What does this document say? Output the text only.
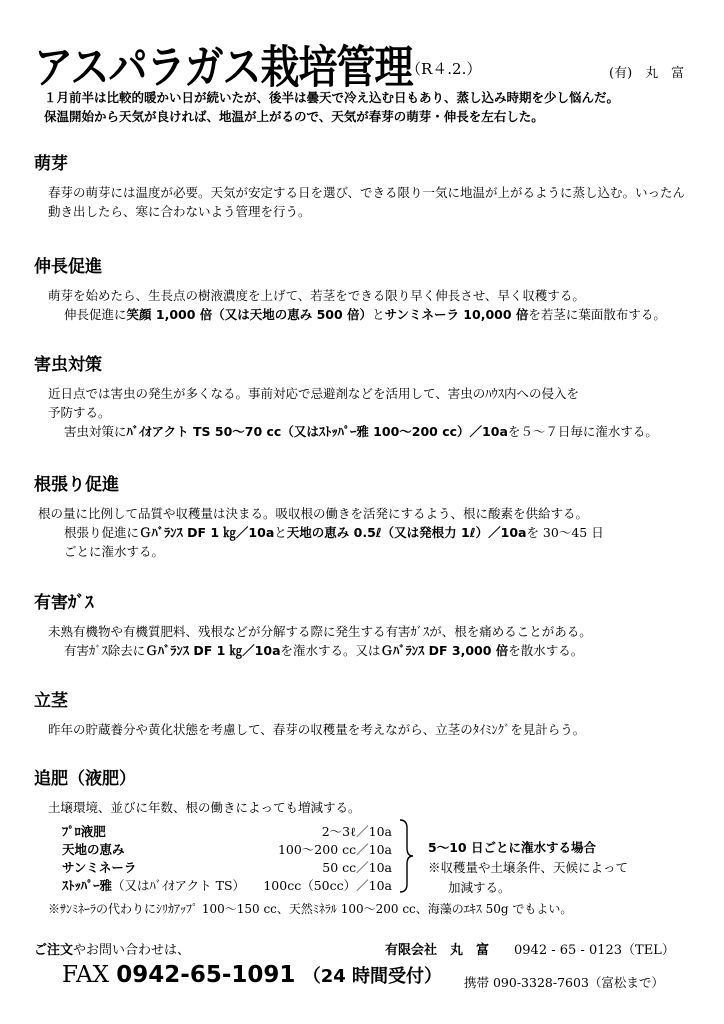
アスパラガス栽培管理
（R４.2.）	(有)　丸　富

１月前半は比較的暖かい日が続いたが、後半は曇天で冷え込む日もあり、蒸し込み時期を少し悩んだ。

保温開始から天気が良ければ、地温が上がるので、天気が春芽の萌芽・伸長を左右した。

萌芽

春芽の萌芽には温度が必要。天気が安定する日を選び、できる限り一気に地温が上がるように蒸し込む。いったん動き出したら、寒に合わないよう管理を行う。

伸長促進

萌芽を始めたら、生長点の樹液濃度を上げて、若茎をできる限り早く伸長させ、早く収穫する。

伸長促進に笑顔 1,000 倍（又は天地の恵み 500 倍）とサンミネーラ 10,000 倍を若茎に葉面散布する。

害虫対策

近日点では害虫の発生が多くなる。事前対応で忌避剤などを活用して、害虫のﾊｳｽ内への侵入を

予防する。

害虫対策にﾊﾞｲｵアクト TS 50～70 cc（又はｽﾄｯﾊﾟｰ雅 100～200 cc）／10aを５～７日毎に潅水する。

根張り促進

根の量に比例して品質や収穫量は決まる。吸収根の働きを活発にするよう、根に酸素を供給する。

根張り促進にＧﾊﾞﾗﾝｽ DF 1 ㎏／10aと天地の恵み 0.5ℓ（又は発根力 1ℓ）／10aを 30～45 日

ごとに潅水する。

有害ｶﾞｽ

未熟有機物や有機質肥料、残根などが分解する際に発生する有害ｶﾞｽが、根を痛めることがある。

有害ｶﾞｽ除去にＧﾊﾞﾗﾝｽ DF 1 ㎏／10aを潅水する。又はＧﾊﾞﾗﾝｽ DF 3,000 倍を散水する。

立茎

昨年の貯蔵養分や黄化状態を考慮して、春芽の収穫量を考えながら、立茎のﾀｲﾐﾝｸﾞを見計らう。

追肥（液肥）

土壌環境、並びに年数、根の働きによっても増減する。

ﾌﾟﾛ液肥	2～3ℓ／10a
天地の恵み	100～200 cc／10a
サンミネーラ	50 cc／10a
ｽﾄｯﾊﾟｰ雅（又はﾊﾞｲｵアクト TS） 100cc（50cc）／10a

5～10 日ごとに潅水する場合

※収穫量や土壌条件、天候によって

加減する。

※ｻﾝﾐﾈｰﾗの代わりにｼﾘｶｱｯﾌﾟ 100～150 cc、天然ﾐﾈﾗﾙ 100～200 cc、海藻のｴｷｽ 50g でもよい。
ご注文やお問い合わせは、	有限会社　丸　富 0942 - 65 - 0123（TEL）
FAX 0942-65-1091 （24 時間受付） 携帯 090-3328-7603（富松まで）
